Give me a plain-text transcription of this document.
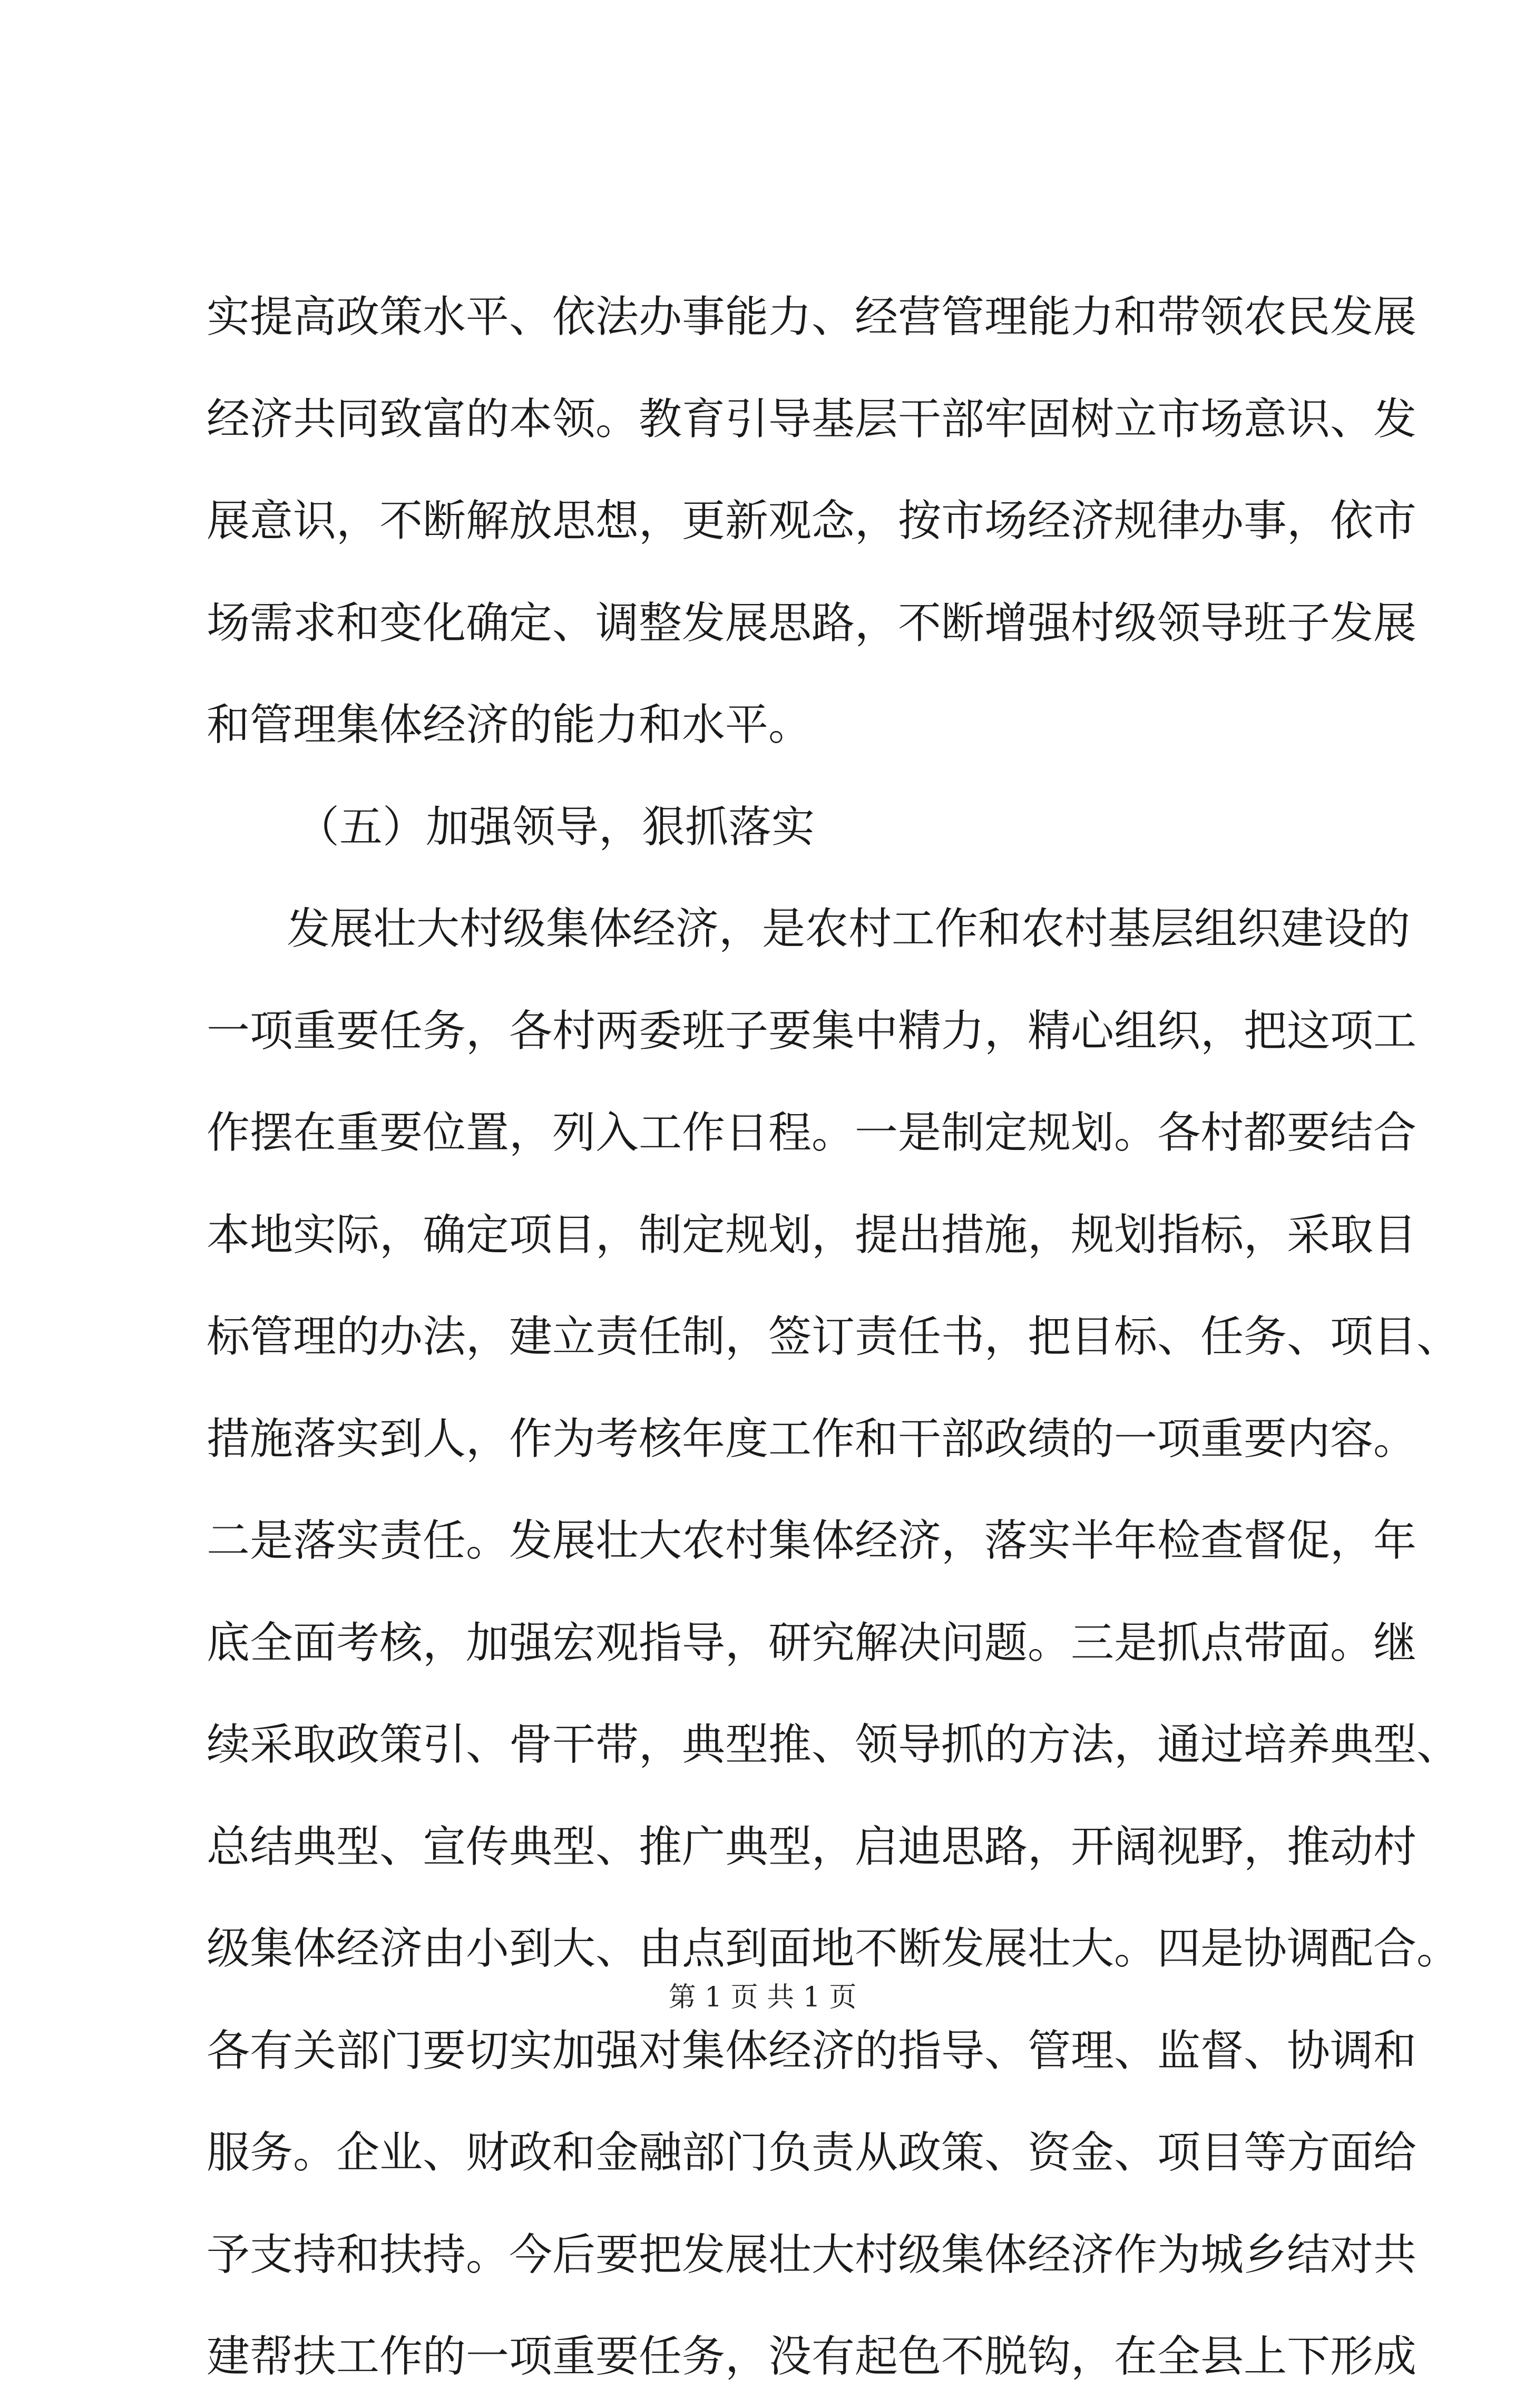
实提高政策水平、依法办事能力、经营管理能力和带领农民发展
经济共同致富的本领。教育引导基层干部牢固树立市场意识、发
展意识，不断解放思想，更新观念，按市场经济规律办事，依市
场需求和变化确定、调整发展思路，不断增强村级领导班子发展
和管理集体经济的能力和水平。
（五）加强领导，狠抓落实
发展壮大村级集体经济，是农村工作和农村基层组织建设的
一项重要任务，各村两委班子要集中精力，精心组织，把这项工
作摆在重要位置，列入工作日程。一是制定规划。各村都要结合
本地实际，确定项目，制定规划，提出措施，规划指标，采取目
标管理的办法，建立责任制，签订责任书，把目标、任务、项目、
措施落实到人，作为考核年度工作和干部政绩的一项重要内容。
二是落实责任。发展壮大农村集体经济，落实半年检查督促，年
底全面考核，加强宏观指导，研究解决问题。三是抓点带面。继
续采取政策引、骨干带，典型推、领导抓的方法，通过培养典型、
总结典型、宣传典型、推广典型，启迪思路，开阔视野，推动村
级集体经济由小到大、由点到面地不断发展壮大。四是协调配合。
各有关部门要切实加强对集体经济的指导、管理、监督、协调和
服务。企业、财政和金融部门负责从政策、资金、项目等方面给
予支持和扶持。今后要把发展壮大村级集体经济作为城乡结对共
建帮扶工作的一项重要任务，没有起色不脱钩，在全县上下形成
第 1 页 共 1 页
